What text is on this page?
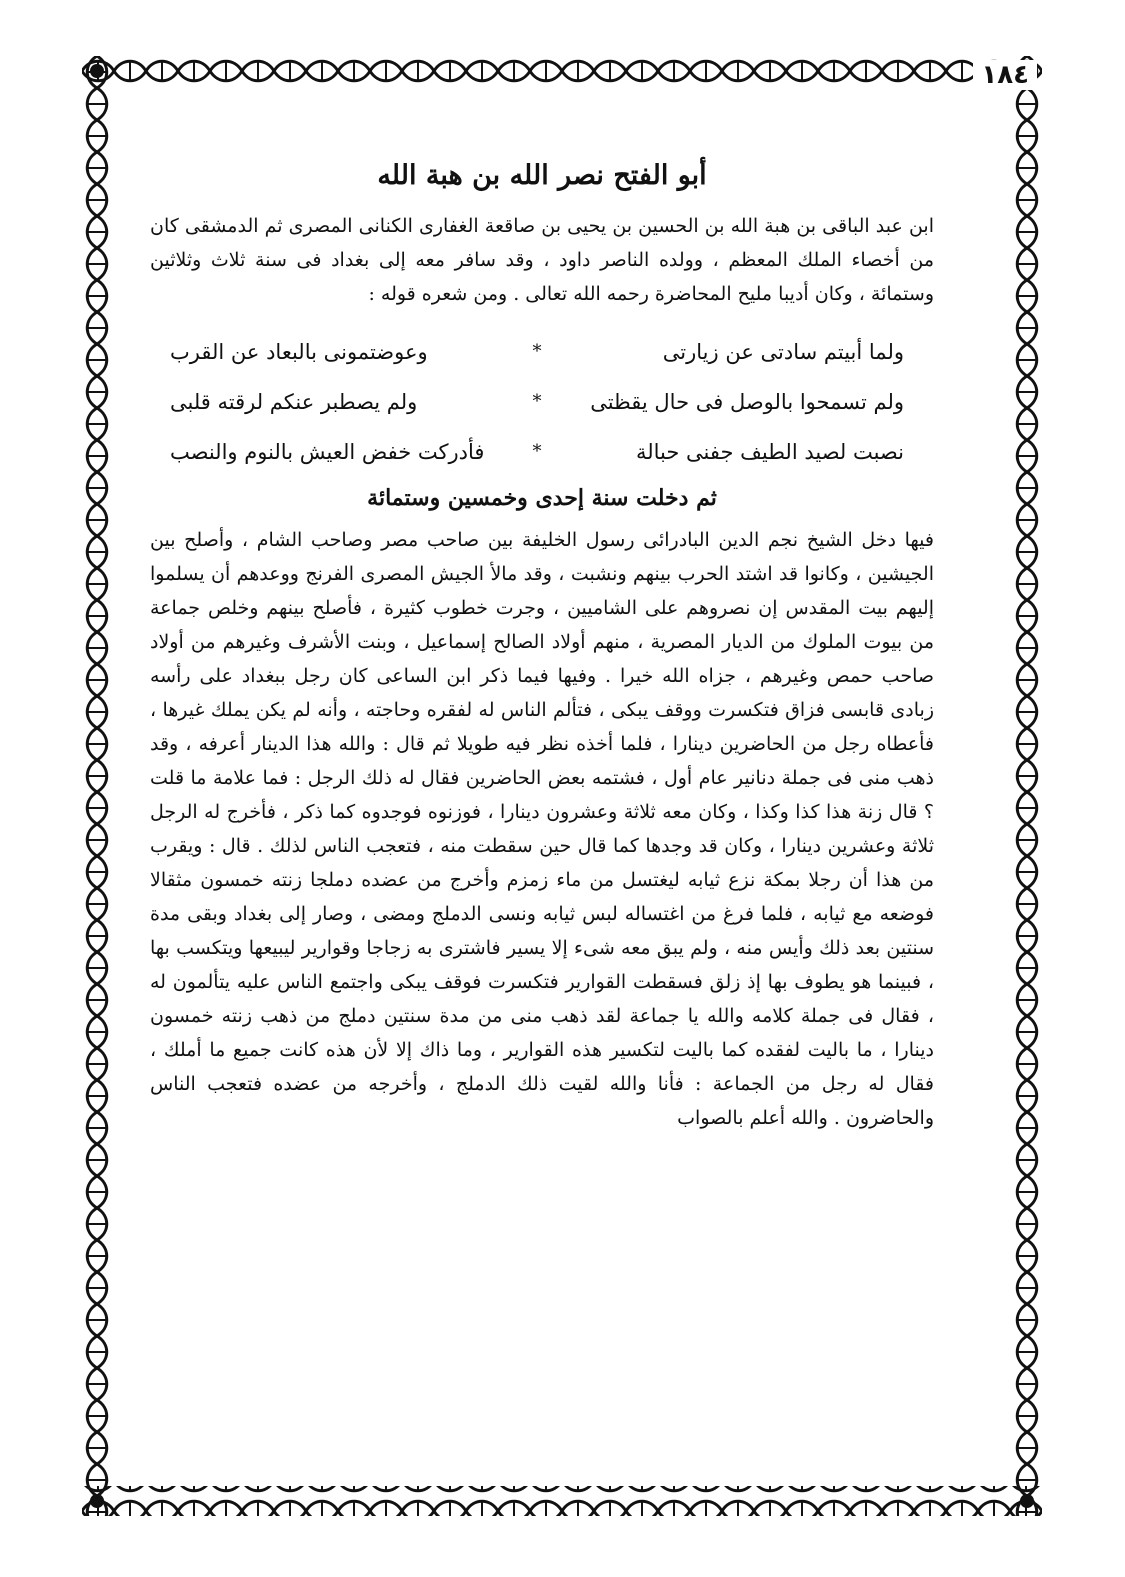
١٨٤
أبو الفتح نصر الله بن هبة الله

ابن عبد الباقى بن هبة الله بن الحسين بن يحيى بن صاقعة الغفارى الكنانى المصرى ثم الدمشقى كان من أخصاء الملك المعظم ، وولده الناصر داود ، وقد سافر معه إلى بغداد فى سنة ثلاث وثلاثين وستمائة ، وكان أديبا مليح المحاضرة رحمه الله تعالى . ومن شعره قوله :

ولما أبيتم سادتى عن زيارتى
*
وعوضتمونى بالبعاد عن القرب
ولم تسمحوا بالوصل فى حال يقظتى
*
ولم يصطبر عنكم لرقته قلبى
نصبت لصيد الطيف جفنى حبالة
*
فأدركت خفض العيش بالنوم والنصب
ثم دخلت سنة إحدى وخمسين وستمائة

فيها دخل الشيخ نجم الدين البادرائى رسول الخليفة بين صاحب مصر وصاحب الشام ، وأصلح بين الجيشين ، وكانوا قد اشتد الحرب بينهم ونشبت ، وقد مالأ الجيش المصرى الفرنج ووعدهم أن يسلموا إليهم بيت المقدس إن نصروهم على الشاميين ، وجرت خطوب كثيرة ، فأصلح بينهم وخلص جماعة من بيوت الملوك من الديار المصرية ، منهم أولاد الصالح إسماعيل ، وبنت الأشرف وغيرهم من أولاد صاحب حمص وغيرهم ، جزاه الله خيرا . وفيها فيما ذكر ابن الساعى كان رجل ببغداد على رأسه زبادى قابسى فزاق فتكسرت ووقف يبكى ، فتألم الناس له لفقره وحاجته ، وأنه لم يكن يملك غيرها ، فأعطاه رجل من الحاضرين دينارا ، فلما أخذه نظر فيه طويلا ثم قال : والله هذا الدينار أعرفه ، وقد ذهب منى فى جملة دنانير عام أول ، فشتمه بعض الحاضرين فقال له ذلك الرجل : فما علامة ما قلت ؟ قال زنة هذا كذا وكذا ، وكان معه ثلاثة وعشرون دينارا ، فوزنوه فوجدوه كما ذكر ، فأخرج له الرجل ثلاثة وعشرين دينارا ، وكان قد وجدها كما قال حين سقطت منه ، فتعجب الناس لذلك . قال : ويقرب من هذا أن رجلا بمكة نزع ثيابه ليغتسل من ماء زمزم وأخرج من عضده دملجا زنته خمسون مثقالا فوضعه مع ثيابه ، فلما فرغ من اغتساله لبس ثيابه ونسى الدملج ومضى ، وصار إلى بغداد وبقى مدة سنتين بعد ذلك وأيس منه ، ولم يبق معه شىء إلا يسير فاشترى به زجاجا وقوارير ليبيعها ويتكسب بها ، فبينما هو يطوف بها إذ زلق فسقطت القوارير فتكسرت فوقف يبكى واجتمع الناس عليه يتألمون له ، فقال فى جملة كلامه والله يا جماعة لقد ذهب منى من مدة سنتين دملج من ذهب زنته خمسون دينارا ، ما باليت لفقده كما باليت لتكسير هذه القوارير ، وما ذاك إلا لأن هذه كانت جميع ما أملك ، فقال له رجل من الجماعة : فأنا والله لقيت ذلك الدملج ، وأخرجه من عضده فتعجب الناس والحاضرون . والله أعلم بالصواب
